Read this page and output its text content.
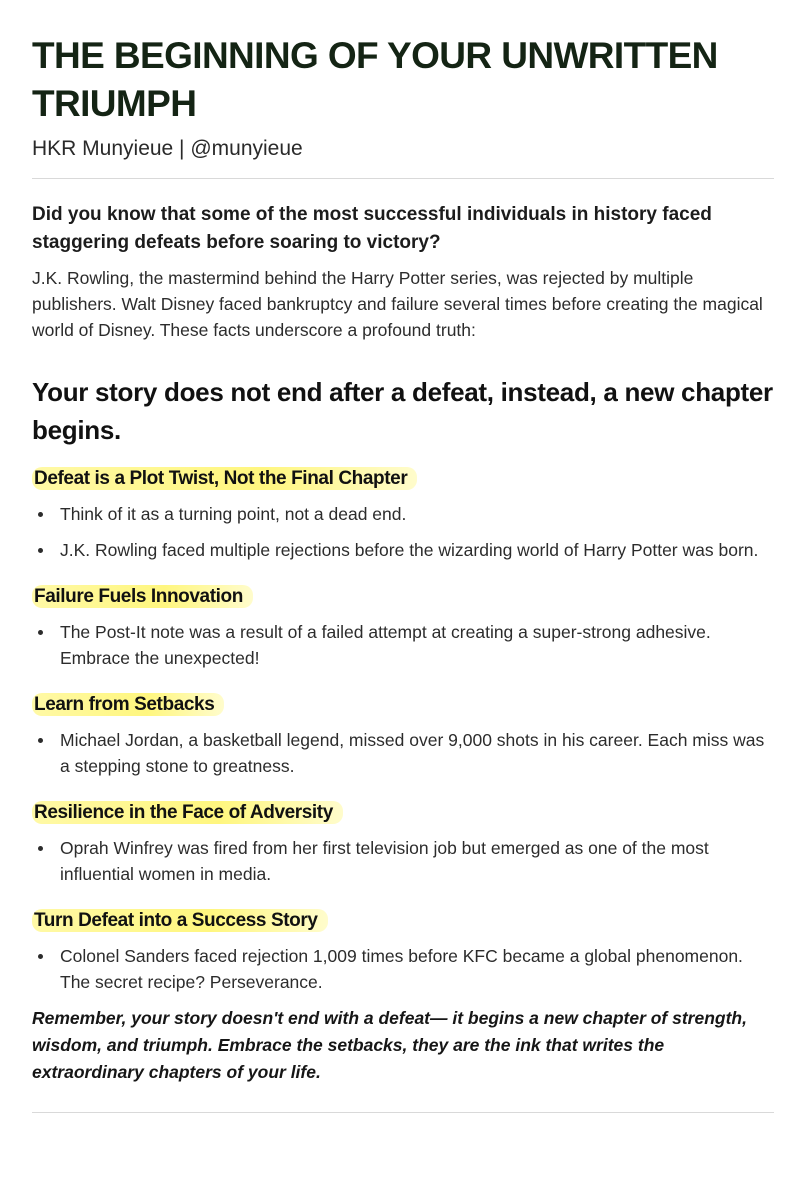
THE BEGINNING OF YOUR UNWRITTEN TRIUMPH
HKR Munyieue | @munyieue

Did you know that some of the most successful individuals in history faced staggering defeats before soaring to victory?

J.K. Rowling, the mastermind behind the Harry Potter series, was rejected by multiple publishers. Walt Disney faced bankruptcy and failure several times before creating the magical world of Disney. These facts underscore a profound truth:

Your story does not end after a defeat, instead, a new chapter begins.
Defeat is a Plot Twist, Not the Final Chapter
Think of it as a turning point, not a dead end.
J.K. Rowling faced multiple rejections before the wizarding world of Harry Potter was born.
Failure Fuels Innovation
The Post-It note was a result of a failed attempt at creating a super-strong adhesive. Embrace the unexpected!
Learn from Setbacks
Michael Jordan, a basketball legend, missed over 9,000 shots in his career. Each miss was a stepping stone to greatness.
Resilience in the Face of Adversity
Oprah Winfrey was fired from her first television job but emerged as one of the most influential women in media.
Turn Defeat into a Success Story
Colonel Sanders faced rejection 1,009 times before KFC became a global phenomenon. The secret recipe? Perseverance.

Remember, your story doesn't end with a defeat— it begins a new chapter of strength, wisdom, and triumph. Embrace the setbacks, they are the ink that writes the extraordinary chapters of your life.
